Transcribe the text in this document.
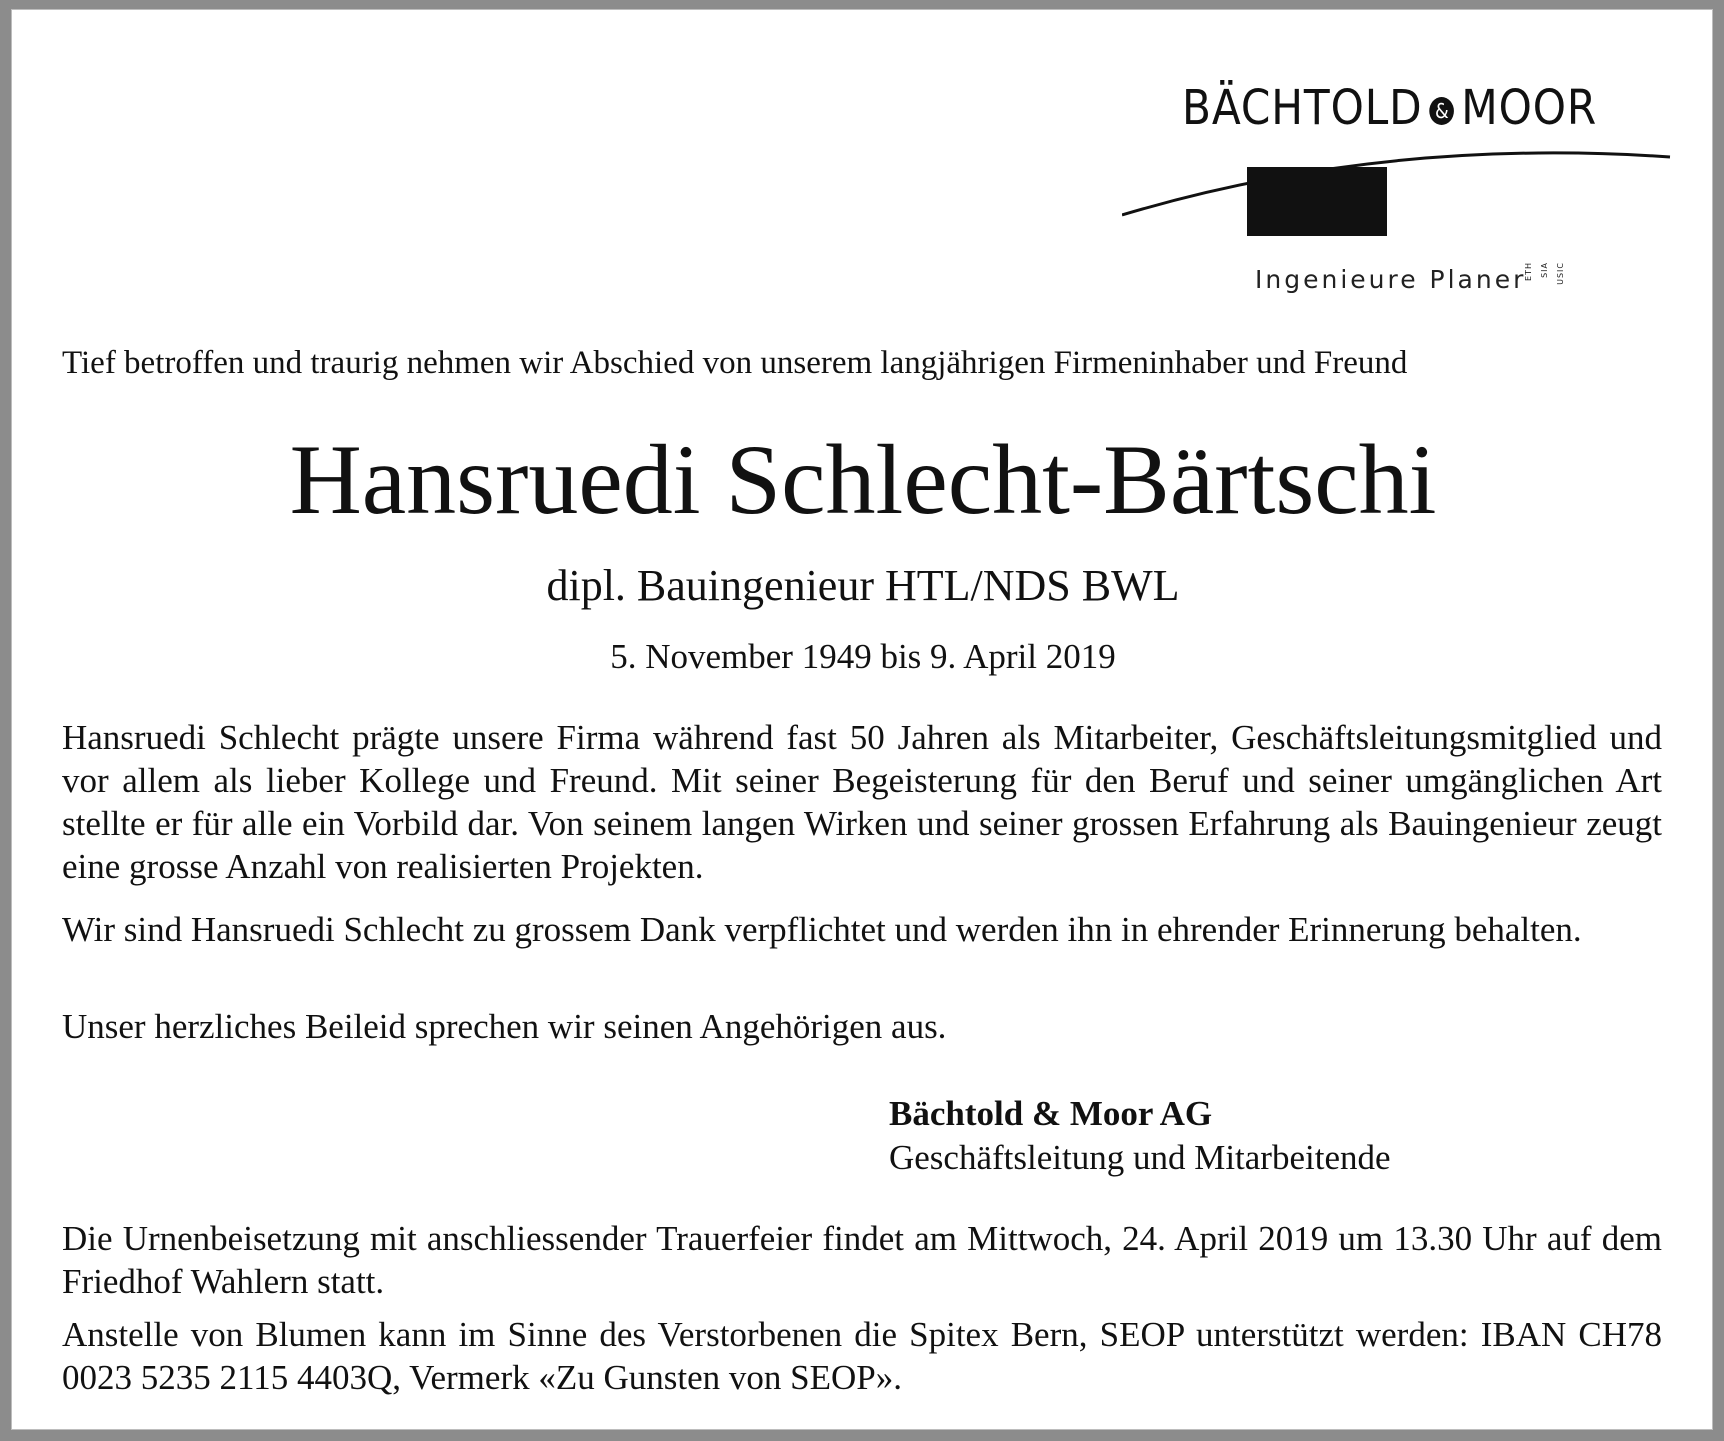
BÄCHTOLD & MOOR
AG
Ingenieure Planer
ETH SIA USIC
Tief betroffen und traurig nehmen wir Abschied von unserem langjährigen Firmeninhaber und Freund
Hansruedi Schlecht-Bärtschi
dipl. Bauingenieur HTL/NDS BWL
5. November 1949 bis 9. April 2019
Hansruedi Schlecht prägte unsere Firma während fast 50 Jahren als Mitarbeiter, Geschäftsleitungsmitglied und vor allem als lieber Kollege und Freund. Mit seiner Begeisterung für den Beruf und seiner umgänglichen Art stellte er für alle ein Vorbild dar. Von seinem langen Wirken und seiner grossen Erfahrung als Bauingenieur zeugt eine grosse Anzahl von realisierten Projekten.
Wir sind Hansruedi Schlecht zu grossem Dank verpflichtet und werden ihn in ehrender Erinnerung behalten.
Unser herzliches Beileid sprechen wir seinen Angehörigen aus.
Bächtold & Moor AG
Geschäftsleitung und Mitarbeitende
Die Urnenbeisetzung mit anschliessender Trauerfeier findet am Mittwoch, 24. April 2019 um 13.30 Uhr auf dem Friedhof Wahlern statt.
Anstelle von Blumen kann im Sinne des Verstorbenen die Spitex Bern, SEOP unterstützt werden: IBAN CH78 0023 5235 2115 4403Q, Vermerk «Zu Gunsten von SEOP».
